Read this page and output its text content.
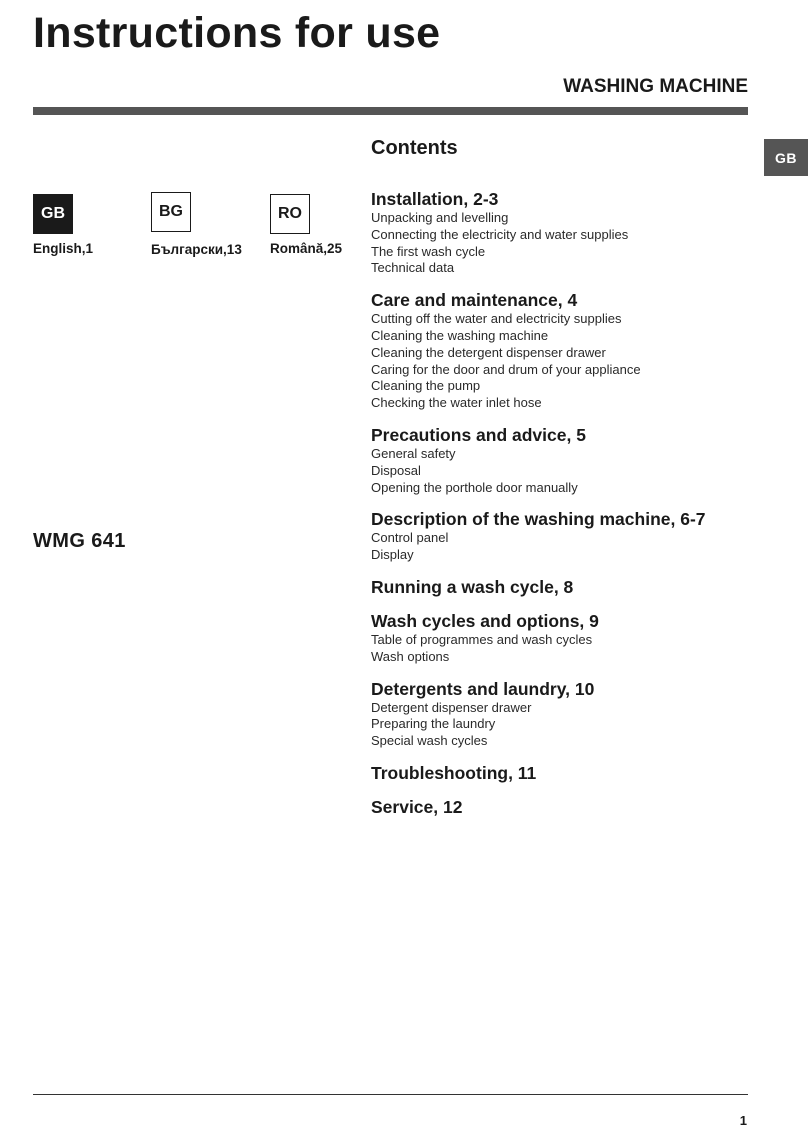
Instructions for use
WASHING MACHINE
GB
GB
English,1
BG
Български,13
RO
Română,25
WMG 641
Contents
Installation, 2-3
Unpacking and levelling
Connecting the electricity and water supplies
The first wash cycle
Technical data
Care and maintenance, 4
Cutting off the water and electricity supplies
Cleaning the washing machine
Cleaning the detergent dispenser drawer
Caring for the door and drum of your appliance
Cleaning the pump
Checking the water inlet hose
Precautions and advice, 5
General safety
Disposal
Opening the porthole door manually
Description of the washing machine, 6-7
Control panel
Display
Running a wash cycle, 8
Wash cycles and options, 9
Table of programmes and wash cycles
Wash options
Detergents and laundry, 10
Detergent dispenser drawer
Preparing the laundry
Special wash cycles
Troubleshooting, 11
Service, 12
1
